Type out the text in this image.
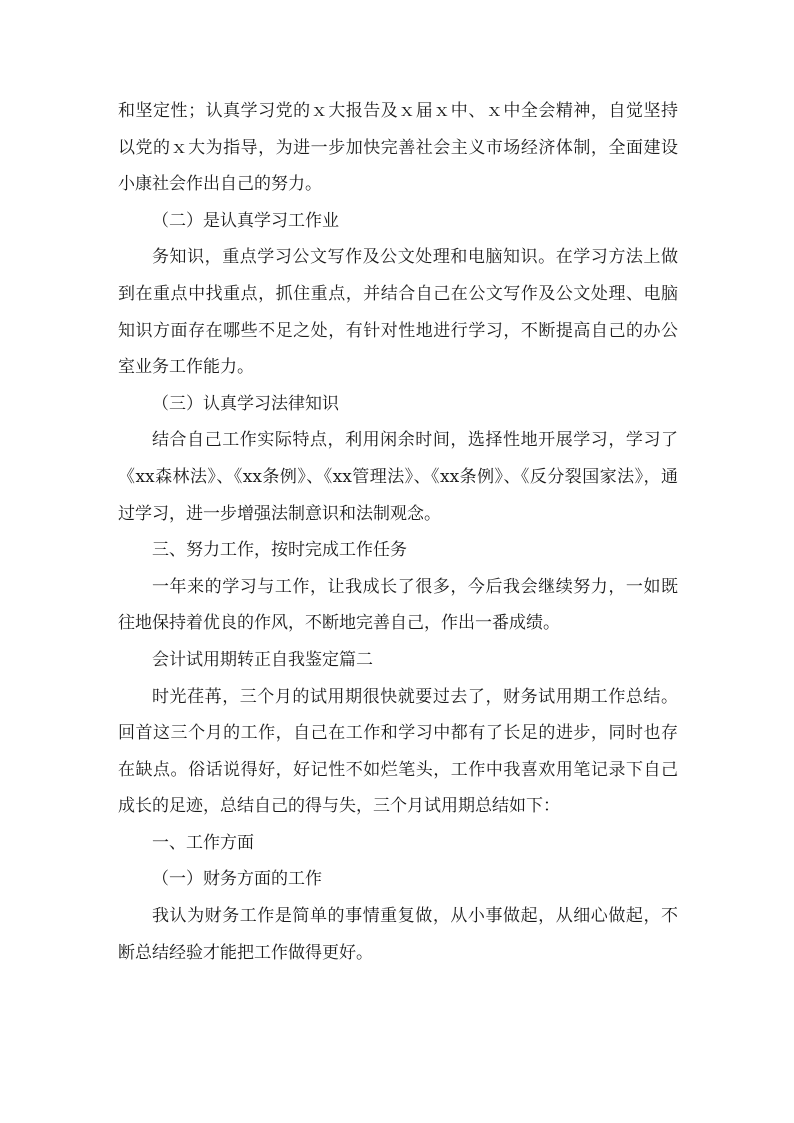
和坚定性；认真学习党的ｘ大报告及ｘ届ｘ中、ｘ中全会精神，自觉坚持以党的ｘ大为指导，为进一步加快完善社会主义市场经济体制，全面建设小康社会作出自己的努力。

（二）是认真学习工作业

务知识，重点学习公文写作及公文处理和电脑知识。在学习方法上做到在重点中找重点，抓住重点，并结合自己在公文写作及公文处理、电脑知识方面存在哪些不足之处，有针对性地进行学习，不断提高自己的办公室业务工作能力。

（三）认真学习法律知识

结合自己工作实际特点，利用闲余时间，选择性地开展学习，学习了《xx森林法》、《xx条例》、《xx管理法》、《xx条例》、《反分裂国家法》，通过学习，进一步增强法制意识和法制观念。

三、努力工作，按时完成工作任务

一年来的学习与工作，让我成长了很多，今后我会继续努力，一如既往地保持着优良的作风，不断地完善自己，作出一番成绩。

会计试用期转正自我鉴定篇二

时光荏苒，三个月的试用期很快就要过去了，财务试用期工作总结。回首这三个月的工作，自己在工作和学习中都有了长足的进步，同时也存在缺点。俗话说得好，好记性不如烂笔头，工作中我喜欢用笔记录下自己成长的足迹，总结自己的得与失，三个月试用期总结如下：

一、工作方面

（一）财务方面的工作

我认为财务工作是简单的事情重复做，从小事做起，从细心做起，不断总结经验才能把工作做得更好。
